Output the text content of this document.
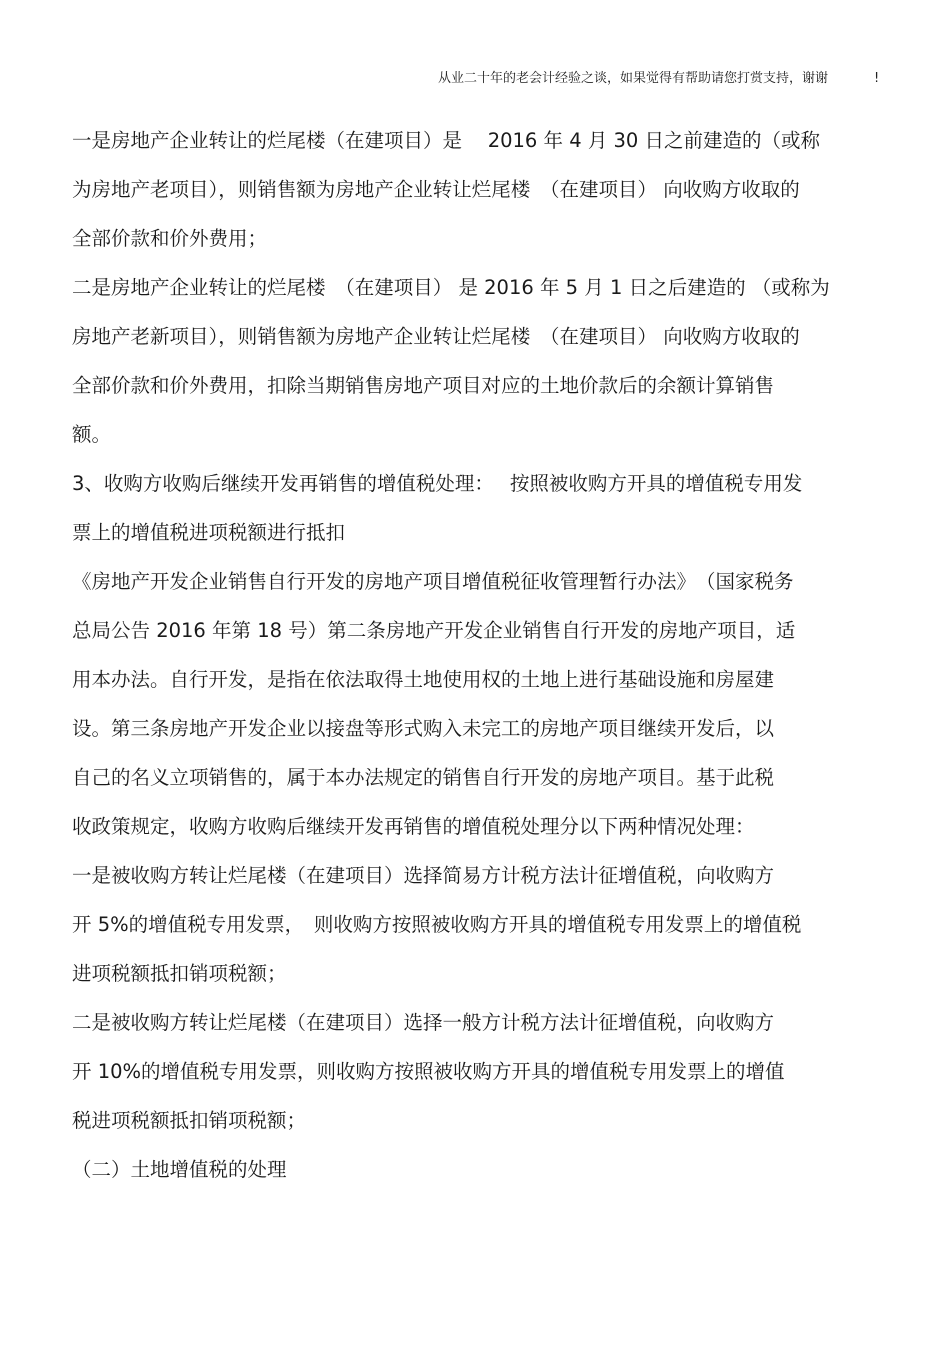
从业二十年的老会计经验之谈，如果觉得有帮助请您打赏支持，谢谢	!
一是房地产企业转让的烂尾楼（在建项目）是　 2016 年 4 月 30 日之前建造的（或称
为房地产老项目），则销售额为房地产企业转让烂尾楼　（在建项目） 向收购方收取的
全部价款和价外费用；
二是房地产企业转让的烂尾楼　（在建项目） 是 2016 年 5 月 1 日之后建造的 （或称为
房地产老新项目），则销售额为房地产企业转让烂尾楼　（在建项目） 向收购方收取的
全部价款和价外费用，扣除当期销售房地产项目对应的土地价款后的余额计算销售
额。
3、收购方收购后继续开发再销售的增值税处理：　 按照被收购方开具的增值税专用发
票上的增值税进项税额进行抵扣
《房地产开发企业销售自行开发的房地产项目增值税征收管理暂行办法》　（国家税务
总局公告 2016 年第 18 号）第二条房地产开发企业销售自行开发的房地产项目，适
用本办法。自行开发，是指在依法取得土地使用权的土地上进行基础设施和房屋建
设。第三条房地产开发企业以接盘等形式购入未完工的房地产项目继续开发后，以
自己的名义立项销售的，属于本办法规定的销售自行开发的房地产项目。基于此税
收政策规定，收购方收购后继续开发再销售的增值税处理分以下两种情况处理：
一是被收购方转让烂尾楼（在建项目）选择简易方计税方法计征增值税，向收购方
开 5%的增值税专用发票，　则收购方按照被收购方开具的增值税专用发票上的增值税
进项税额抵扣销项税额；
二是被收购方转让烂尾楼（在建项目）选择一般方计税方法计征增值税，向收购方
开 10%的增值税专用发票，则收购方按照被收购方开具的增值税专用发票上的增值
税进项税额抵扣销项税额；
（二）土地增值税的处理
